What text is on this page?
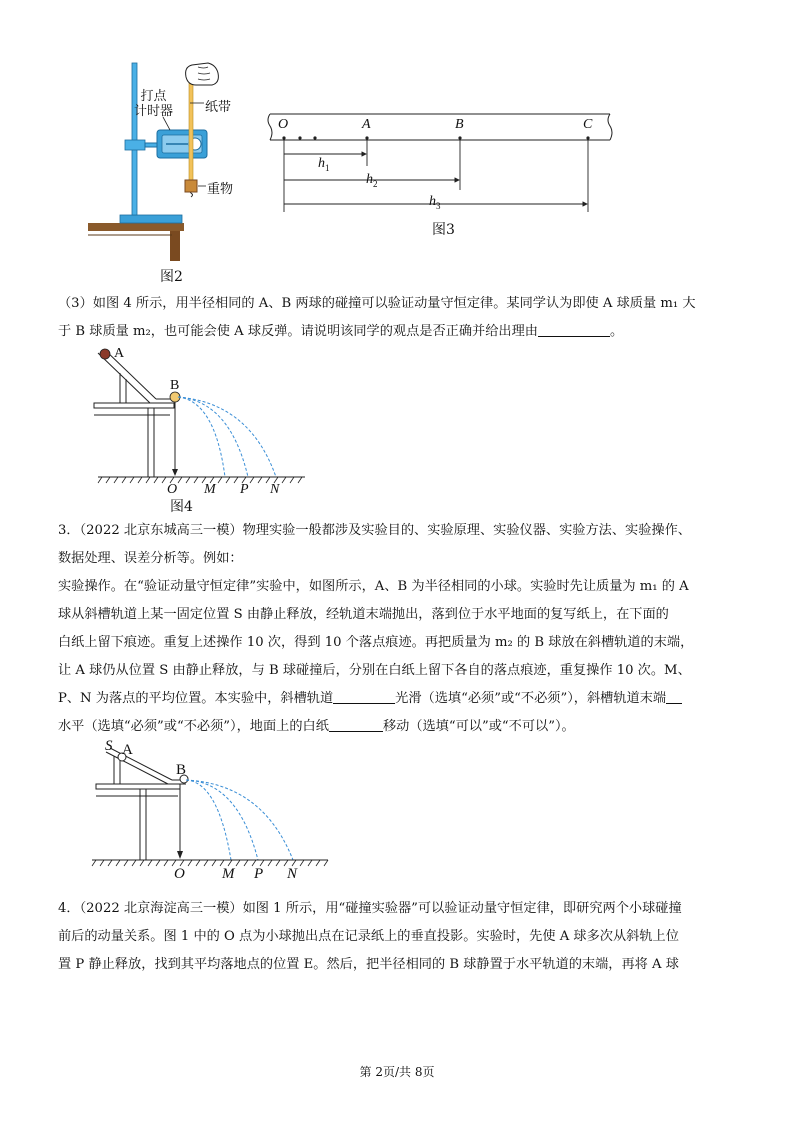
打点
计时器 纸带
重物
图2
O	A	B	C
$h_1$
$h_2$
$h_3$
图3
（3）如图 4 所示，用半径相同的 A、B 两球的碰撞可以验证动量守恒定律。某同学认为即使 A 球质量 m₁ 大
于 B 球质量 m₂，也可能会使 A 球反弹。请说明该同学的观点是否正确并给出理由	。
A
B
O M P N
图4
3．（2022 北京东城高三一模）物理实验一般都涉及实验目的、实验原理、实验仪器、实验方法、实验操作、
数据处理、误差分析等。例如：
实验操作。在“验证动量守恒定律”实验中，如图所示，A、B 为半径相同的小球。实验时先让质量为 m₁ 的 A
球从斜槽轨道上某一固定位置 S 由静止释放，经轨道末端抛出，落到位于水平地面的复写纸上，在下面的
白纸上留下痕迹。重复上述操作 10 次，得到 10 个落点痕迹。再把质量为 m₂ 的 B 球放在斜槽轨道的末端，
让 A 球仍从位置 S 由静止释放，与 B 球碰撞后，分别在白纸上留下各自的落点痕迹，重复操作 10 次。M、
P、N 为落点的平均位置。本实验中，斜槽轨道	光滑（选填“必须”或“不必须”），斜槽轨道末端
水平（选填“必须”或“不必须”），地面上的白纸	移动（选填“可以”或“不可以”）。
S A
B
O M P N
4．（2022 北京海淀高三一模）如图 1 所示，用“碰撞实验器”可以验证动量守恒定律，即研究两个小球碰撞
前后的动量关系。图 1 中的 O 点为小球抛出点在记录纸上的垂直投影。实验时，先使 A 球多次从斜轨上位
置 P 静止释放，找到其平均落地点的位置 E。然后，把半径相同的 B 球静置于水平轨道的末端，再将 A 球
第 2页/共 8页
